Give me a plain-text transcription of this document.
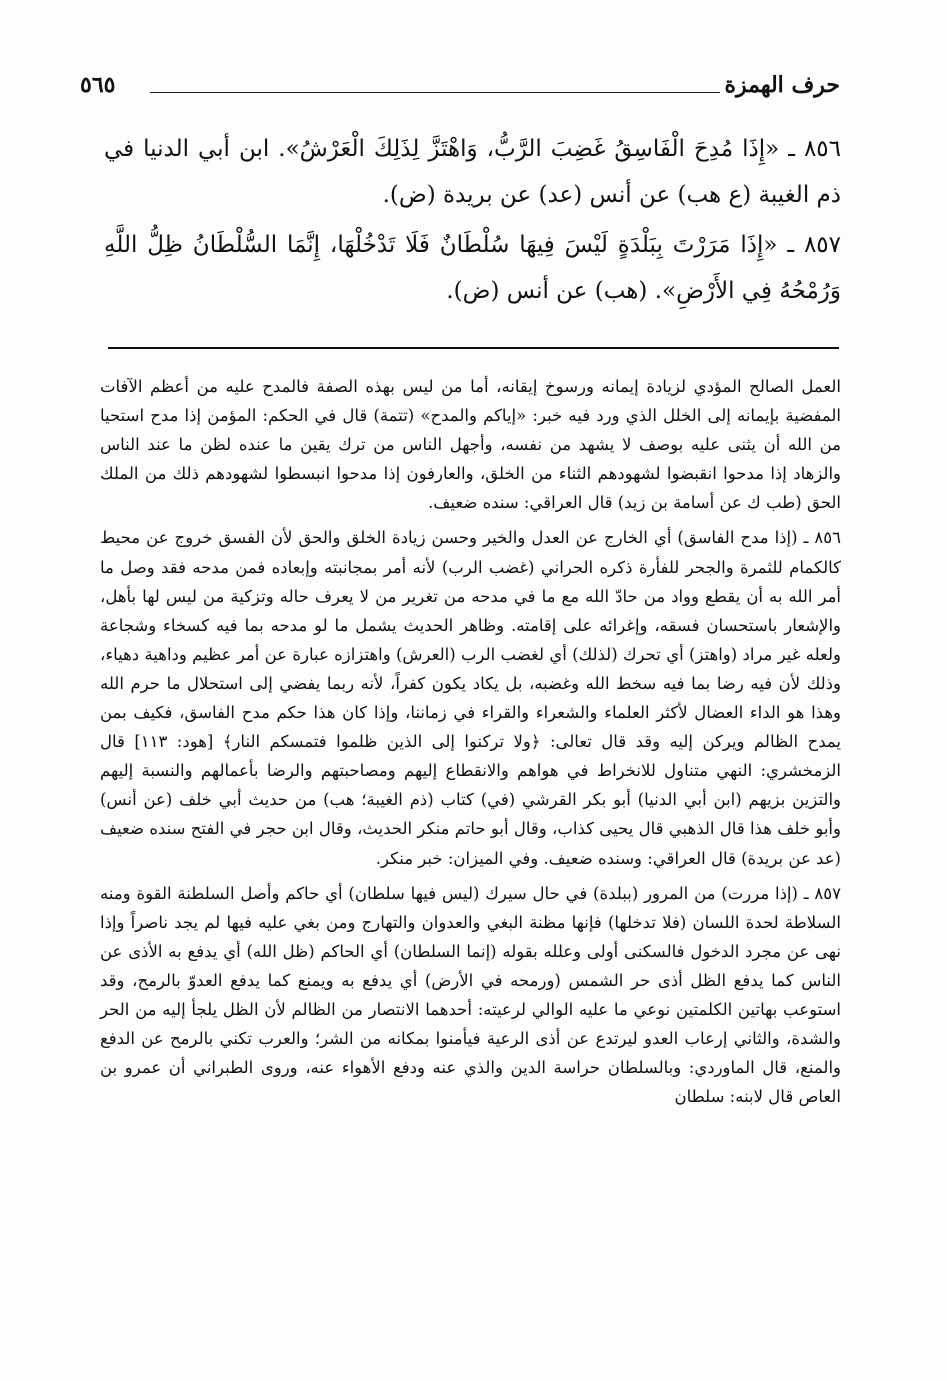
حرف الهمزة
٥٦٥

٨٥٦ ـ «إِذَا مُدِحَ الْفَاسِقُ غَضِبَ الرَّبُّ، وَاهْتَزَّ لِذَلِكَ الْعَرْشُ». ابن أبي الدنيا في ذم الغيبة (ع هب) عن أنس (عد) عن بريدة (ض).

٨٥٧ ـ «إِذَا مَرَرْتَ بِبَلْدَةٍ لَيْسَ فِيهَا سُلْطَانٌ فَلَا تَدْخُلْهَا، إِنَّمَا السُّلْطَانُ ظِلُّ اللَّهِ وَرُمْحُهُ فِي الأَرْضِ». (هب) عن أنس (ض).

العمل الصالح المؤدي لزيادة إيمانه ورسوخ إيقانه، أما من ليس بهذه الصفة فالمدح عليه من أعظم الآفات المفضية بإيمانه إلى الخلل الذي ورد فيه خبر: «إياكم والمدح» (تتمة) قال في الحكم: المؤمن إذا مدح استحيا من الله أن يثنى عليه بوصف لا يشهد من نفسه، وأجهل الناس من ترك يقين ما عنده لظن ما عند الناس والزهاد إذا مدحوا انقبضوا لشهودهم الثناء من الخلق، والعارفون إذا مدحوا انبسطوا لشهودهم ذلك من الملك الحق (طب ك عن أسامة بن زيد) قال العراقي: سنده ضعيف.

٨٥٦ ـ (إذا مدح الفاسق) أي الخارج عن العدل والخير وحسن زيادة الخلق والحق لأن الفسق خروج عن محيط كالكمام للثمرة والجحر للفأرة ذكره الحراني (غضب الرب) لأنه أمر بمجانبته وإبعاده فمن مدحه فقد وصل ما أمر الله به أن يقطع وواد من حادّ الله مع ما في مدحه من تغرير من لا يعرف حاله وتزكية من ليس لها بأهل، والإشعار باستحسان فسقه، وإغرائه على إقامته. وظاهر الحديث يشمل ما لو مدحه بما فيه كسخاء وشجاعة ولعله غير مراد (واهتز) أي تحرك (لذلك) أي لغضب الرب (العرش) واهتزازه عبارة عن أمر عظيم وداهية دهياء، وذلك لأن فيه رضا بما فيه سخط الله وغضبه، بل يكاد يكون كفراً، لأنه ربما يفضي إلى استحلال ما حرم الله وهذا هو الداء العضال لأكثر العلماء والشعراء والقراء في زماننا، وإذا كان هذا حكم مدح الفاسق، فكيف بمن يمدح الظالم ويركن إليه وقد قال تعالى: ﴿ولا تركنوا إلى الذين ظلموا فتمسكم النار﴾ [هود: ١١٣] قال الزمخشري: النهي متناول للانخراط في هواهم والانقطاع إليهم ومصاحبتهم والرضا بأعمالهم والنسبة إليهم والتزين بزيهم (ابن أبي الدنيا) أبو بكر القرشي (في) كتاب (ذم الغيبة؛ هب) من حديث أبي خلف (عن أنس) وأبو خلف هذا قال الذهبي قال يحيى كذاب، وقال أبو حاتم منكر الحديث، وقال ابن حجر في الفتح سنده ضعيف (عد عن بريدة) قال العراقي: وسنده ضعيف. وفي الميزان: خبر منكر.

٨٥٧ ـ (إذا مررت) من المرور (ببلدة) في حال سيرك (ليس فيها سلطان) أي حاكم وأصل السلطنة القوة ومنه السلاطة لحدة اللسان (فلا تدخلها) فإنها مظنة البغي والعدوان والتهارج ومن بغي عليه فيها لم يجد ناصراً وإذا نهى عن مجرد الدخول فالسكنى أولى وعلله بقوله (إنما السلطان) أي الحاكم (ظل الله) أي يدفع به الأذى عن الناس كما يدفع الظل أذى حر الشمس (ورمحه في الأرض) أي يدفع به ويمنع كما يدفع العدوّ بالرمح، وقد استوعب بهاتين الكلمتين نوعي ما عليه الوالي لرعيته: أحدهما الانتصار من الظالم لأن الظل يلجأ إليه من الحر والشدة، والثاني إرعاب العدو ليرتدع عن أذى الرعية فيأمنوا بمكانه من الشر؛ والعرب تكني بالرمح عن الدفع والمنع، قال الماوردي: وبالسلطان حراسة الدين والذي عنه ودفع الأهواء عنه، وروى الطبراني أن عمرو بن العاص قال لابنه: سلطان
